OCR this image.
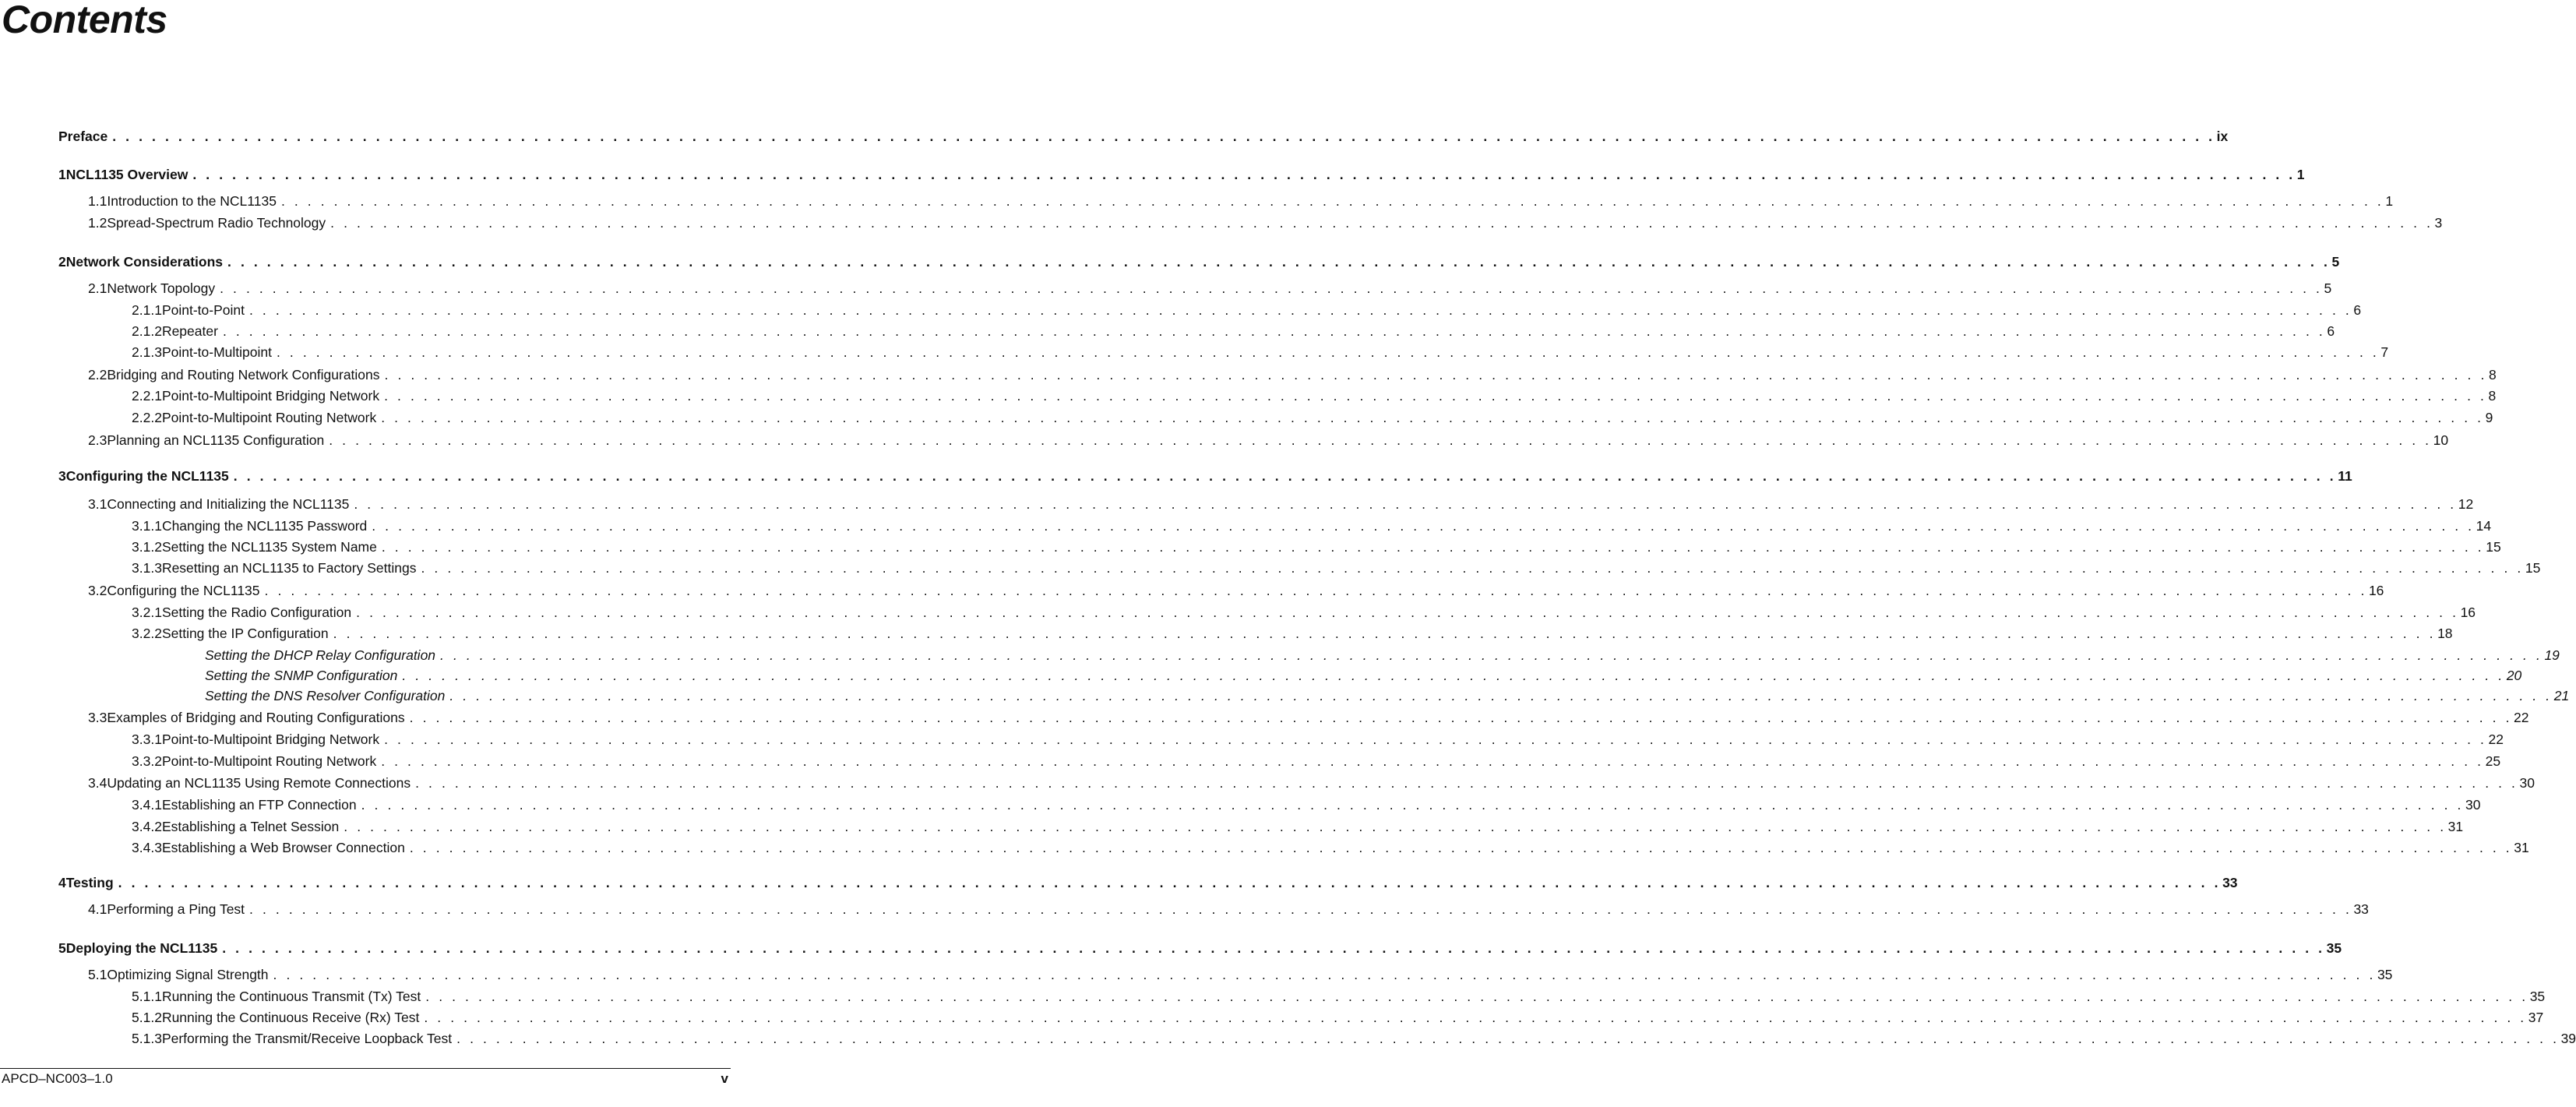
Contents
Preface . . . . . . . . . . . . . . . . . . . . . . . . . . . . . . . . . . . . . . . . . . . . . . . . . . . . . . . . . . . . . . . . . . . . . . . . . . . . . . . . . . . . . . . . . . . . . . . . . . . . . . . . . . . . . . . . . . . . . . . . . . . . . . . . . . . . . . . . . . . . . . . . . . . . . . . . . . . . . . . . ix
1 NCL1135 Overview . . . . . . . . . . . . . . . . . . . . . . . . . . . . . . . . . . . . . . . . . . . . . . . . . . . . . . . . . . . . . . . . . . . . . . . . . . . . . . . . . . . . . . . . . . . . . . . . . . . . . . . . . . . . . . . . . . . . . . . . . . . . . . . . . . . . . . . . . . . . . . . . . . . . . . . . . . . . . . . . 1
1.1 Introduction to the NCL1135 . . . . . . . . . . . . . . . . . . . . . . . . . . . . . . . . . . . . . . . . . . . . . . . . . . . . . . . . . . . . . . . . . . . . . . . . . . . . . . . . . . . . . . . . . . . . . . . . . . . . . . . . . . . . . . . . . . . . . . . . . . . . . . . . . . . . . . . . . . . . . . . . . . . . . . . . . . . . . . . . 1
1.2 Spread-Spectrum Radio Technology . . . . . . . . . . . . . . . . . . . . . . . . . . . . . . . . . . . . . . . . . . . . . . . . . . . . . . . . . . . . . . . . . . . . . . . . . . . . . . . . . . . . . . . . . . . . . . . . . . . . . . . . . . . . . . . . . . . . . . . . . . . . . . . . . . . . . . . . . . . . . . . . . . . . . . . . . . . . . . . . 3
2 Network Considerations . . . . . . . . . . . . . . . . . . . . . . . . . . . . . . . . . . . . . . . . . . . . . . . . . . . . . . . . . . . . . . . . . . . . . . . . . . . . . . . . . . . . . . . . . . . . . . . . . . . . . . . . . . . . . . . . . . . . . . . . . . . . . . . . . . . . . . . . . . . . . . . . . . . . . . . . . . . . . . . . 5
2.1 Network Topology . . . . . . . . . . . . . . . . . . . . . . . . . . . . . . . . . . . . . . . . . . . . . . . . . . . . . . . . . . . . . . . . . . . . . . . . . . . . . . . . . . . . . . . . . . . . . . . . . . . . . . . . . . . . . . . . . . . . . . . . . . . . . . . . . . . . . . . . . . . . . . . . . . . . . . . . . . . . . . . . 5
2.1.1 Point-to-Point . . . . . . . . . . . . . . . . . . . . . . . . . . . . . . . . . . . . . . . . . . . . . . . . . . . . . . . . . . . . . . . . . . . . . . . . . . . . . . . . . . . . . . . . . . . . . . . . . . . . . . . . . . . . . . . . . . . . . . . . . . . . . . . . . . . . . . . . . . . . . . . . . . . . . . . . . . . . . . . . 6
2.1.2 Repeater . . . . . . . . . . . . . . . . . . . . . . . . . . . . . . . . . . . . . . . . . . . . . . . . . . . . . . . . . . . . . . . . . . . . . . . . . . . . . . . . . . . . . . . . . . . . . . . . . . . . . . . . . . . . . . . . . . . . . . . . . . . . . . . . . . . . . . . . . . . . . . . . . . . . . . . . . . . . . . . . 6
2.1.3 Point-to-Multipoint . . . . . . . . . . . . . . . . . . . . . . . . . . . . . . . . . . . . . . . . . . . . . . . . . . . . . . . . . . . . . . . . . . . . . . . . . . . . . . . . . . . . . . . . . . . . . . . . . . . . . . . . . . . . . . . . . . . . . . . . . . . . . . . . . . . . . . . . . . . . . . . . . . . . . . . . . . . . . . . . 7
2.2 Bridging and Routing Network Configurations . . . . . . . . . . . . . . . . . . . . . . . . . . . . . . . . . . . . . . . . . . . . . . . . . . . . . . . . . . . . . . . . . . . . . . . . . . . . . . . . . . . . . . . . . . . . . . . . . . . . . . . . . . . . . . . . . . . . . . . . . . . . . . . . . . . . . . . . . . . . . . . . . . . . . . . . . . . . . . . . 8
2.2.1 Point-to-Multipoint Bridging Network . . . . . . . . . . . . . . . . . . . . . . . . . . . . . . . . . . . . . . . . . . . . . . . . . . . . . . . . . . . . . . . . . . . . . . . . . . . . . . . . . . . . . . . . . . . . . . . . . . . . . . . . . . . . . . . . . . . . . . . . . . . . . . . . . . . . . . . . . . . . . . . . . . . . . . . . . . . . . . . . 8
2.2.2 Point-to-Multipoint Routing Network . . . . . . . . . . . . . . . . . . . . . . . . . . . . . . . . . . . . . . . . . . . . . . . . . . . . . . . . . . . . . . . . . . . . . . . . . . . . . . . . . . . . . . . . . . . . . . . . . . . . . . . . . . . . . . . . . . . . . . . . . . . . . . . . . . . . . . . . . . . . . . . . . . . . . . . . . . . . . . . . 9
2.3 Planning an NCL1135 Configuration . . . . . . . . . . . . . . . . . . . . . . . . . . . . . . . . . . . . . . . . . . . . . . . . . . . . . . . . . . . . . . . . . . . . . . . . . . . . . . . . . . . . . . . . . . . . . . . . . . . . . . . . . . . . . . . . . . . . . . . . . . . . . . . . . . . . . . . . . . . . . . . . . . . . . . . . . . . . . . . . 10
3 Configuring the NCL1135 . . . . . . . . . . . . . . . . . . . . . . . . . . . . . . . . . . . . . . . . . . . . . . . . . . . . . . . . . . . . . . . . . . . . . . . . . . . . . . . . . . . . . . . . . . . . . . . . . . . . . . . . . . . . . . . . . . . . . . . . . . . . . . . . . . . . . . . . . . . . . . . . . . . . . . . . . . . . . . . . 11
3.1 Connecting and Initializing the NCL1135 . . . . . . . . . . . . . . . . . . . . . . . . . . . . . . . . . . . . . . . . . . . . . . . . . . . . . . . . . . . . . . . . . . . . . . . . . . . . . . . . . . . . . . . . . . . . . . . . . . . . . . . . . . . . . . . . . . . . . . . . . . . . . . . . . . . . . . . . . . . . . . . . . . . . . . . . . . . . . . . . 12
3.1.1 Changing the NCL1135 Password . . . . . . . . . . . . . . . . . . . . . . . . . . . . . . . . . . . . . . . . . . . . . . . . . . . . . . . . . . . . . . . . . . . . . . . . . . . . . . . . . . . . . . . . . . . . . . . . . . . . . . . . . . . . . . . . . . . . . . . . . . . . . . . . . . . . . . . . . . . . . . . . . . . . . . . . . . . . . . . . 14
3.1.2 Setting the NCL1135 System Name . . . . . . . . . . . . . . . . . . . . . . . . . . . . . . . . . . . . . . . . . . . . . . . . . . . . . . . . . . . . . . . . . . . . . . . . . . . . . . . . . . . . . . . . . . . . . . . . . . . . . . . . . . . . . . . . . . . . . . . . . . . . . . . . . . . . . . . . . . . . . . . . . . . . . . . . . . . . . . . . 15
3.1.3 Resetting an NCL1135 to Factory Settings . . . . . . . . . . . . . . . . . . . . . . . . . . . . . . . . . . . . . . . . . . . . . . . . . . . . . . . . . . . . . . . . . . . . . . . . . . . . . . . . . . . . . . . . . . . . . . . . . . . . . . . . . . . . . . . . . . . . . . . . . . . . . . . . . . . . . . . . . . . . . . . . . . . . . . . . . . . . . . . . 15
3.2 Configuring the NCL1135 . . . . . . . . . . . . . . . . . . . . . . . . . . . . . . . . . . . . . . . . . . . . . . . . . . . . . . . . . . . . . . . . . . . . . . . . . . . . . . . . . . . . . . . . . . . . . . . . . . . . . . . . . . . . . . . . . . . . . . . . . . . . . . . . . . . . . . . . . . . . . . . . . . . . . . . . . . . . . . . . 16
3.2.1 Setting the Radio Configuration . . . . . . . . . . . . . . . . . . . . . . . . . . . . . . . . . . . . . . . . . . . . . . . . . . . . . . . . . . . . . . . . . . . . . . . . . . . . . . . . . . . . . . . . . . . . . . . . . . . . . . . . . . . . . . . . . . . . . . . . . . . . . . . . . . . . . . . . . . . . . . . . . . . . . . . . . . . . . . . . 16
3.2.2 Setting the IP Configuration . . . . . . . . . . . . . . . . . . . . . . . . . . . . . . . . . . . . . . . . . . . . . . . . . . . . . . . . . . . . . . . . . . . . . . . . . . . . . . . . . . . . . . . . . . . . . . . . . . . . . . . . . . . . . . . . . . . . . . . . . . . . . . . . . . . . . . . . . . . . . . . . . . . . . . . . . . . . . . . . 18
Setting the DHCP Relay Configuration . . . . . . . . . . . . . . . . . . . . . . . . . . . . . . . . . . . . . . . . . . . . . . . . . . . . . . . . . . . . . . . . . . . . . . . . . . . . . . . . . . . . . . . . . . . . . . . . . . . . . . . . . . . . . . . . . . . . . . . . . . . . . . . . . . . . . . . . . . . . . . . . . . . . . . . . . . . . . . . . 19
Setting the SNMP Configuration . . . . . . . . . . . . . . . . . . . . . . . . . . . . . . . . . . . . . . . . . . . . . . . . . . . . . . . . . . . . . . . . . . . . . . . . . . . . . . . . . . . . . . . . . . . . . . . . . . . . . . . . . . . . . . . . . . . . . . . . . . . . . . . . . . . . . . . . . . . . . . . . . . . . . . . . . . . . . . . . 20
Setting the DNS Resolver Configuration . . . . . . . . . . . . . . . . . . . . . . . . . . . . . . . . . . . . . . . . . . . . . . . . . . . . . . . . . . . . . . . . . . . . . . . . . . . . . . . . . . . . . . . . . . . . . . . . . . . . . . . . . . . . . . . . . . . . . . . . . . . . . . . . . . . . . . . . . . . . . . . . . . . . . . . . . . . . . . . . 21
3.3 Examples of Bridging and Routing Configurations . . . . . . . . . . . . . . . . . . . . . . . . . . . . . . . . . . . . . . . . . . . . . . . . . . . . . . . . . . . . . . . . . . . . . . . . . . . . . . . . . . . . . . . . . . . . . . . . . . . . . . . . . . . . . . . . . . . . . . . . . . . . . . . . . . . . . . . . . . . . . . . . . . . . . . . . . . . . . . . . 22
3.3.1 Point-to-Multipoint Bridging Network . . . . . . . . . . . . . . . . . . . . . . . . . . . . . . . . . . . . . . . . . . . . . . . . . . . . . . . . . . . . . . . . . . . . . . . . . . . . . . . . . . . . . . . . . . . . . . . . . . . . . . . . . . . . . . . . . . . . . . . . . . . . . . . . . . . . . . . . . . . . . . . . . . . . . . . . . . . . . . . . 22
3.3.2 Point-to-Multipoint Routing Network . . . . . . . . . . . . . . . . . . . . . . . . . . . . . . . . . . . . . . . . . . . . . . . . . . . . . . . . . . . . . . . . . . . . . . . . . . . . . . . . . . . . . . . . . . . . . . . . . . . . . . . . . . . . . . . . . . . . . . . . . . . . . . . . . . . . . . . . . . . . . . . . . . . . . . . . . . . . . . . . 25
3.4 Updating an NCL1135 Using Remote Connections . . . . . . . . . . . . . . . . . . . . . . . . . . . . . . . . . . . . . . . . . . . . . . . . . . . . . . . . . . . . . . . . . . . . . . . . . . . . . . . . . . . . . . . . . . . . . . . . . . . . . . . . . . . . . . . . . . . . . . . . . . . . . . . . . . . . . . . . . . . . . . . . . . . . . . . . . . . . . . . . 30
3.4.1 Establishing an FTP Connection . . . . . . . . . . . . . . . . . . . . . . . . . . . . . . . . . . . . . . . . . . . . . . . . . . . . . . . . . . . . . . . . . . . . . . . . . . . . . . . . . . . . . . . . . . . . . . . . . . . . . . . . . . . . . . . . . . . . . . . . . . . . . . . . . . . . . . . . . . . . . . . . . . . . . . . . . . . . . . . . 30
3.4.2 Establishing a Telnet Session . . . . . . . . . . . . . . . . . . . . . . . . . . . . . . . . . . . . . . . . . . . . . . . . . . . . . . . . . . . . . . . . . . . . . . . . . . . . . . . . . . . . . . . . . . . . . . . . . . . . . . . . . . . . . . . . . . . . . . . . . . . . . . . . . . . . . . . . . . . . . . . . . . . . . . . . . . . . . . . . 31
3.4.3 Establishing a Web Browser Connection . . . . . . . . . . . . . . . . . . . . . . . . . . . . . . . . . . . . . . . . . . . . . . . . . . . . . . . . . . . . . . . . . . . . . . . . . . . . . . . . . . . . . . . . . . . . . . . . . . . . . . . . . . . . . . . . . . . . . . . . . . . . . . . . . . . . . . . . . . . . . . . . . . . . . . . . . . . . . . . . 31
4 Testing . . . . . . . . . . . . . . . . . . . . . . . . . . . . . . . . . . . . . . . . . . . . . . . . . . . . . . . . . . . . . . . . . . . . . . . . . . . . . . . . . . . . . . . . . . . . . . . . . . . . . . . . . . . . . . . . . . . . . . . . . . . . . . . . . . . . . . . . . . . . . . . . . . . . . . . . . . . . . . . . 33
4.1 Performing a Ping Test . . . . . . . . . . . . . . . . . . . . . . . . . . . . . . . . . . . . . . . . . . . . . . . . . . . . . . . . . . . . . . . . . . . . . . . . . . . . . . . . . . . . . . . . . . . . . . . . . . . . . . . . . . . . . . . . . . . . . . . . . . . . . . . . . . . . . . . . . . . . . . . . . . . . . . . . . . . . . . . . 33
5 Deploying the NCL1135 . . . . . . . . . . . . . . . . . . . . . . . . . . . . . . . . . . . . . . . . . . . . . . . . . . . . . . . . . . . . . . . . . . . . . . . . . . . . . . . . . . . . . . . . . . . . . . . . . . . . . . . . . . . . . . . . . . . . . . . . . . . . . . . . . . . . . . . . . . . . . . . . . . . . . . . . . . . . . . . . 35
5.1 Optimizing Signal Strength . . . . . . . . . . . . . . . . . . . . . . . . . . . . . . . . . . . . . . . . . . . . . . . . . . . . . . . . . . . . . . . . . . . . . . . . . . . . . . . . . . . . . . . . . . . . . . . . . . . . . . . . . . . . . . . . . . . . . . . . . . . . . . . . . . . . . . . . . . . . . . . . . . . . . . . . . . . . . . . . 35
5.1.1 Running the Continuous Transmit (Tx) Test . . . . . . . . . . . . . . . . . . . . . . . . . . . . . . . . . . . . . . . . . . . . . . . . . . . . . . . . . . . . . . . . . . . . . . . . . . . . . . . . . . . . . . . . . . . . . . . . . . . . . . . . . . . . . . . . . . . . . . . . . . . . . . . . . . . . . . . . . . . . . . . . . . . . . . . . . . . . . . . . 35
5.1.2 Running the Continuous Receive (Rx) Test . . . . . . . . . . . . . . . . . . . . . . . . . . . . . . . . . . . . . . . . . . . . . . . . . . . . . . . . . . . . . . . . . . . . . . . . . . . . . . . . . . . . . . . . . . . . . . . . . . . . . . . . . . . . . . . . . . . . . . . . . . . . . . . . . . . . . . . . . . . . . . . . . . . . . . . . . . . . . . . . 37
5.1.3 Performing the Transmit/Receive Loopback Test . . . . . . . . . . . . . . . . . . . . . . . . . . . . . . . . . . . . . . . . . . . . . . . . . . . . . . . . . . . . . . . . . . . . . . . . . . . . . . . . . . . . . . . . . . . . . . . . . . . . . . . . . . . . . . . . . . . . . . . . . . . . . . . . . . . . . . . . . . . . . . . . . . . . . . . . . . . . . . . . 39
APCD–NC003–1.0	v
